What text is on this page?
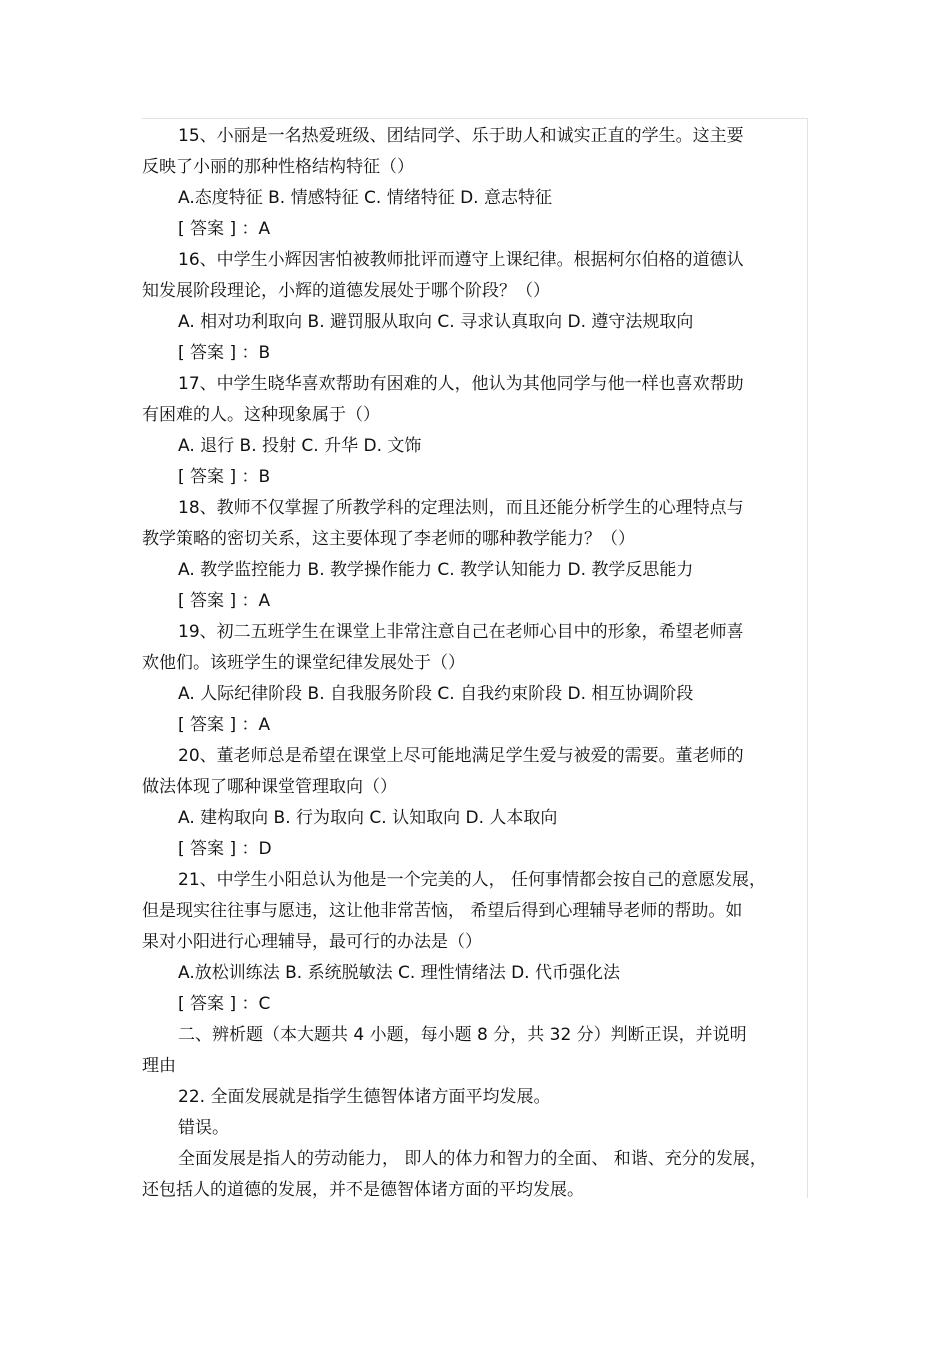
15、小丽是一名热爱班级、团结同学、乐于助人和诚实正直的学生。这主要
反映了小丽的那种性格结构特征（）
A.态度特征 B. 情感特征 C. 情绪特征 D. 意志特征
[ 答案 ] ：A
16、中学生小辉因害怕被教师批评而遵守上课纪律。根据柯尔伯格的道德认
知发展阶段理论，小辉的道德发展处于哪个阶段？（）
A. 相对功利取向 B. 避罚服从取向 C. 寻求认真取向 D. 遵守法规取向
[ 答案 ] ：B
17、中学生晓华喜欢帮助有困难的人，他认为其他同学与他一样也喜欢帮助
有困难的人。这种现象属于（）
A. 退行 B. 投射 C. 升华 D. 文饰
[ 答案 ] ：B
18、教师不仅掌握了所教学科的定理法则，而且还能分析学生的心理特点与
教学策略的密切关系，这主要体现了李老师的哪种教学能力？（）
A. 教学监控能力 B. 教学操作能力 C. 教学认知能力 D. 教学反思能力
[ 答案 ] ：A
19、初二五班学生在课堂上非常注意自己在老师心目中的形象，希望老师喜
欢他们。该班学生的课堂纪律发展处于（）
A. 人际纪律阶段 B. 自我服务阶段 C. 自我约束阶段 D. 相互协调阶段
[ 答案 ] ：A
20、董老师总是希望在课堂上尽可能地满足学生爱与被爱的需要。董老师的
做法体现了哪种课堂管理取向（）
A. 建构取向 B. 行为取向 C. 认知取向 D. 人本取向
[ 答案 ] ：D
21、中学生小阳总认为他是一个完美的人， 任何事情都会按自己的意愿发展，
但是现实往往事与愿违，这让他非常苦恼， 希望后得到心理辅导老师的帮助。如
果对小阳进行心理辅导，最可行的办法是（）
A.放松训练法 B. 系统脱敏法 C. 理性情绪法 D. 代币强化法
[ 答案 ] ：C
二、辨析题（本大题共 4 小题，每小题 8 分，共 32 分）判断正误，并说明
理由
22. 全面发展就是指学生德智体诸方面平均发展。
错误。
全面发展是指人的劳动能力， 即人的体力和智力的全面、 和谐、充分的发展，
还包括人的道德的发展，并不是德智体诸方面的平均发展。
